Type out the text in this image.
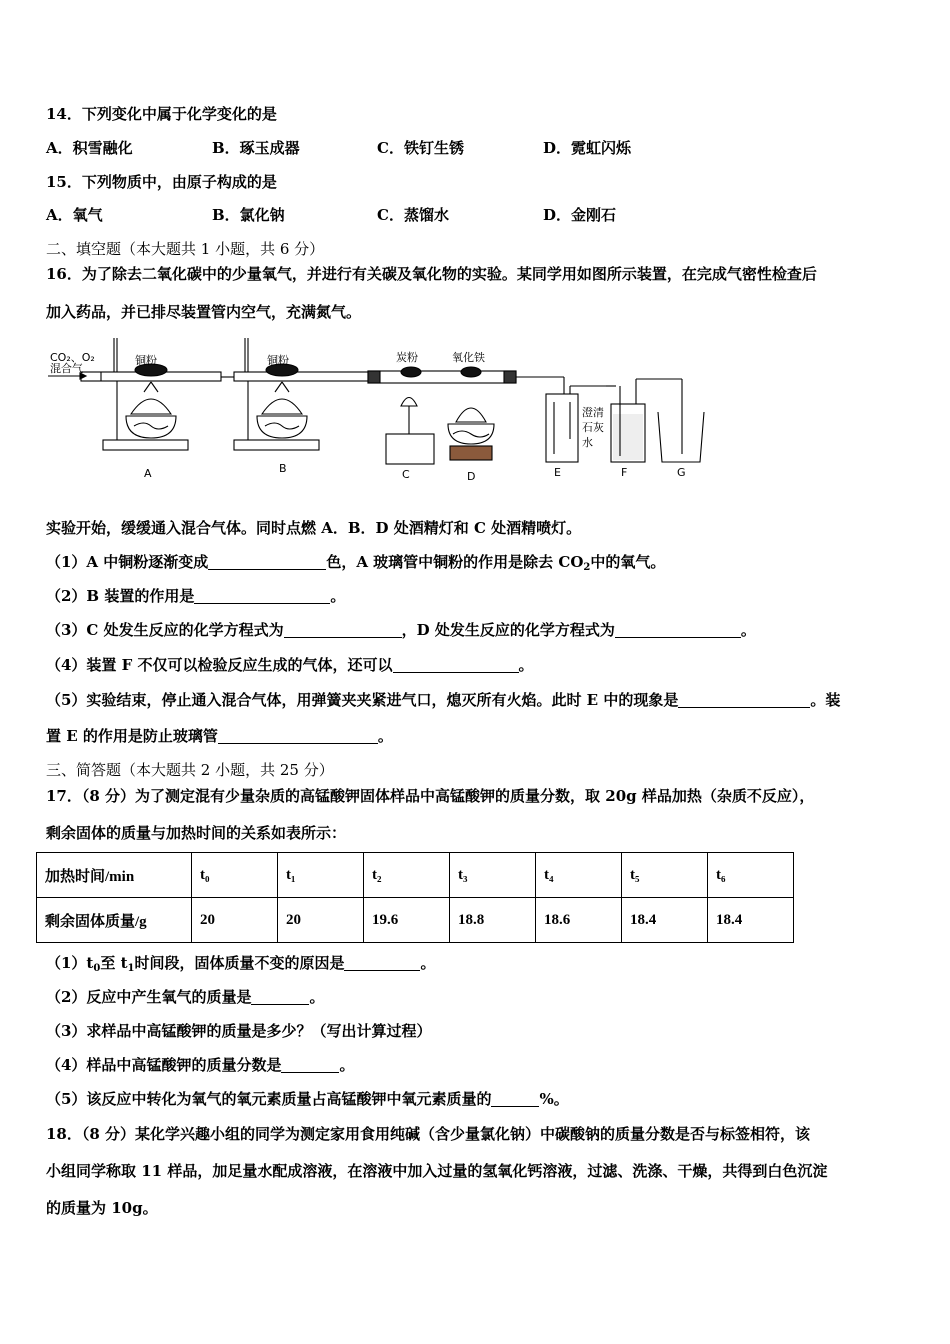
14．下列变化中属于化学变化的是
A．积雪融化	B．琢玉成器	C．铁钉生锈	D．霓虹闪烁
15．下列物质中，由原子构成的是
A．氧气	B．氯化钠	C．蒸馏水	D．金刚石
二、填空题（本大题共 1 小题，共 6 分）
16．为了除去二氧化碳中的少量氧气，并进行有关碳及氧化物的实验。某同学用如图所示装置，在完成气密性检查后
加入药品，并已排尽装置管内空气，充满氮气。
CO₂、O₂
混合气
铜粉	铜粉	炭粉	氧化铁
澄清
石灰
水
A	B	C	D	E	F	G
实验开始，缓缓通入混合气体。同时点燃 A．B．D 处酒精灯和 C 处酒精喷灯。
（1）A 中铜粉逐渐变成	色，A 玻璃管中铜粉的作用是除去 $CO_2$中的氧气。
（2）B 装置的作用是	。
（3）C 处发生反应的化学方程式为	，D 处发生反应的化学方程式为	。
（4）装置 F 不仅可以检验反应生成的气体，还可以	。
（5）实验结束，停止通入混合气体，用弹簧夹夹紧进气口，熄灭所有火焰。此时 E 中的现象是	。装
置 E 的作用是防止玻璃管	。
三、简答题（本大题共 2 小题，共 25 分）
17．（8 分）为了测定混有少量杂质的高锰酸钾固体样品中高锰酸钾的质量分数，取 20g 样品加热（杂质不反应），
剩余固体的质量与加热时间的关系如表所示：
加热时间/min	t₀	t₁	t₂	t₃	t₄	t₅	t₆
剩余固体质量/g	20	20	19.6	18.8	18.6	18.4	18.4
$(1)t_0$至 $t_1$时间段，固体质量不变的原因是	。
（2）反应中产生氧气的质量是	。
（3）求样品中高锰酸钾的质量是多少？（写出计算过程）
（4）样品中高锰酸钾的质量分数是	。
（5）该反应中转化为氧气的氧元素质量占高锰酸钾中氧元素质量的	%。
18．（8 分）某化学兴趣小组的同学为测定家用食用纯碱（含少量氯化钠）中碳酸钠的质量分数是否与标签相符，该
小组同学称取 11 样品，加足量水配成溶液，在溶液中加入过量的氢氧化钙溶液，过滤、洗涤、干燥，共得到白色沉淀
的质量为 10g。
